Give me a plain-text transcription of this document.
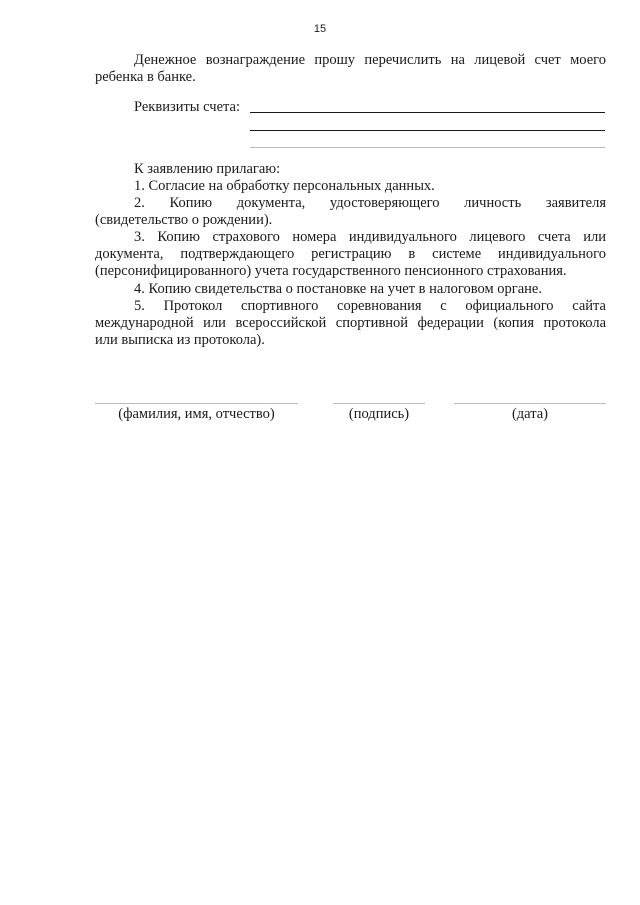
15
Денежное вознаграждение прошу перечислить на лицевой счет моего
ребенка в банке.
Реквизиты счета:
К заявлению прилагаю:
1. Согласие на обработку персональных данных.
2. Копию документа, удостоверяющего личность заявителя
(свидетельство о рождении).
3. Копию страхового номера индивидуального лицевого счета или
документа, подтверждающего регистрацию в системе индивидуального
(персонифицированного) учета государственного пенсионного страхования.
4. Копию свидетельства о постановке на учет в налоговом органе.
5. Протокол спортивного соревнования с официального сайта
международной или всероссийской спортивной федерации (копия протокола
или выписка из протокола).
(фамилия, имя, отчество)	(подпись)	(дата)
